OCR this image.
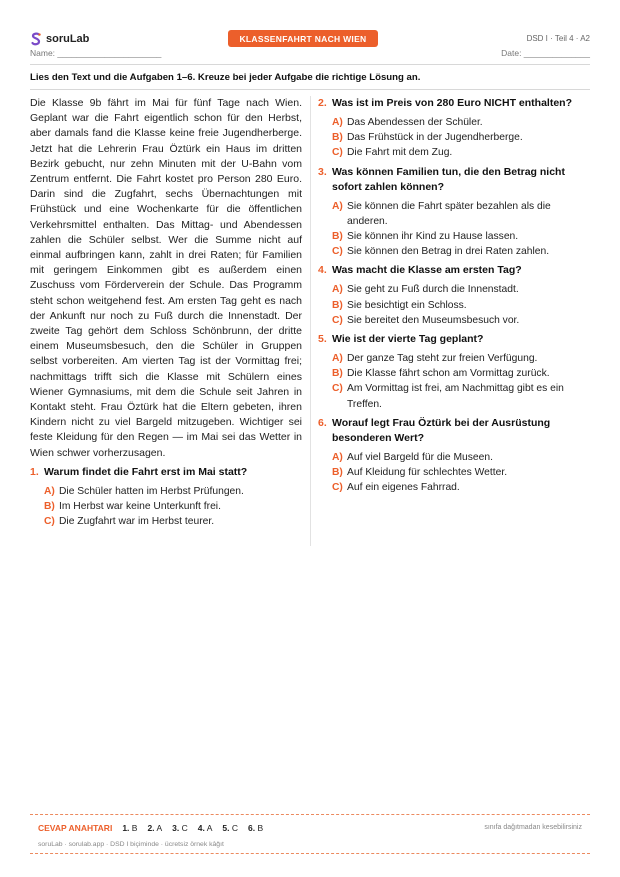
soruLab	KLASSENFAHRT NACH WIEN	DSD I · Teil 4 · A2
Name: ______________________	Date: ______________
Lies den Text und die Aufgaben 1–6. Kreuze bei jeder Aufgabe die richtige Lösung an.

Die Klasse 9b fährt im Mai für fünf Tage nach Wien. Geplant war die Fahrt eigentlich schon für den Herbst, aber damals fand die Klasse keine freie Jugendherberge. Jetzt hat die Lehrerin Frau Öztürk ein Haus im dritten Bezirk gebucht, nur zehn Minuten mit der U-Bahn vom Zentrum entfernt. Die Fahrt kostet pro Person 280 Euro. Darin sind die Zugfahrt, sechs Übernachtungen mit Frühstück und eine Wochenkarte für die öffentlichen Verkehrsmittel enthalten. Das Mittag- und Abendessen zahlen die Schüler selbst. Wer die Summe nicht auf einmal aufbringen kann, zahlt in drei Raten; für Familien mit geringem Einkommen gibt es außerdem einen Zuschuss vom Förderverein der Schule. Das Programm steht schon weitgehend fest. Am ersten Tag geht es nach der Ankunft nur noch zu Fuß durch die Innenstadt. Der zweite Tag gehört dem Schloss Schönbrunn, der dritte einem Museumsbesuch, den die Schüler in Gruppen selbst vorbereiten. Am vierten Tag ist der Vormittag frei; nachmittags trifft sich die Klasse mit Schülern eines Wiener Gymnasiums, mit dem die Schule seit Jahren in Kontakt steht. Frau Öztürk hat die Eltern gebeten, ihren Kindern nicht zu viel Bargeld mitzugeben. Wichtiger sei feste Kleidung für den Regen — im Mai sei das Wetter in Wien schwer vorherzusagen.

1. Warum findet die Fahrt erst im Mai statt?
A) Die Schüler hatten im Herbst Prüfungen.
B) Im Herbst war keine Unterkunft frei.
C) Die Zugfahrt war im Herbst teurer.
2. Was ist im Preis von 280 Euro NICHT enthalten?
A) Das Abendessen der Schüler.
B) Das Frühstück in der Jugendherberge.
C) Die Fahrt mit dem Zug.
3. Was können Familien tun, die den Betrag nicht sofort zahlen können?
A) Sie können die Fahrt später bezahlen als die anderen.
B) Sie können ihr Kind zu Hause lassen.
C) Sie können den Betrag in drei Raten zahlen.
4. Was macht die Klasse am ersten Tag?
A) Sie geht zu Fuß durch die Innenstadt.
B) Sie besichtigt ein Schloss.
C) Sie bereitet den Museumsbesuch vor.
5. Wie ist der vierte Tag geplant?
A) Der ganze Tag steht zur freien Verfügung.
B) Die Klasse fährt schon am Vormittag zurück.
C) Am Vormittag ist frei, am Nachmittag gibt es ein Treffen.
6. Worauf legt Frau Öztürk bei der Ausrüstung besonderen Wert?
A) Auf viel Bargeld für die Museen.
B) Auf Kleidung für schlechtes Wetter.
C) Auf ein eigenes Fahrrad.
CEVAP ANAHTARI 1. B 2. A 3. C 4. A 5. C 6. B	sınıfa dağıtmadan kesebilirsiniz
soruLab · sorulab.app · DSD I biçiminde · ücretsiz örnek kâğıt
